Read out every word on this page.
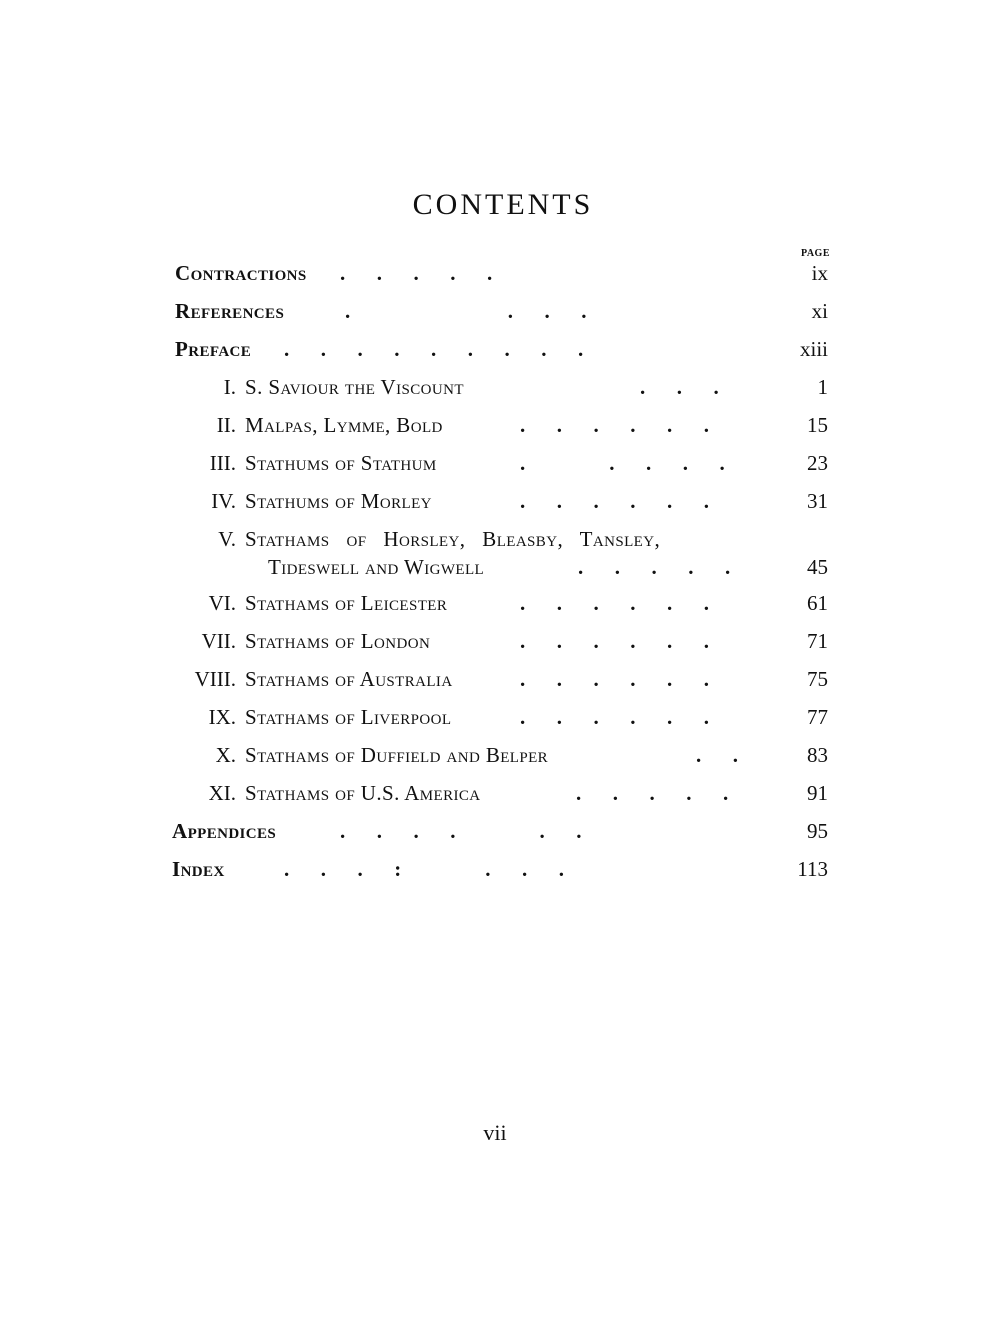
CONTENTS
PAGE
Contractions .      .      .      .      .	ix
References	.                              .      .      .	xi
Preface .      .      .      .      .      .      .      .      .	xiii
I. S. Saviour the Viscount	.      .      .	1
II. Malpas, Lymme, Bold	.      .      .      .      .      .	15
III. Stathums of Stathum	.                .      .      .      .	23
IV. Stathums of Morley	.      .      .      .      .      .	31
V. Stathams   of   Horsley,   Bleasby,   Tansley,
Tideswell and Wigwell	.      .      .      .      .	45
VI. Stathams of Leicester	.      .      .      .      .      .	61
VII. Stathams of London	.      .      .      .      .      .	71
VIII. Stathams of Australia	.      .      .      .      .      .	75
IX. Stathams of Liverpool	.      .      .      .      .      .	77
X. Stathams of Duffield and Belper	.      .	83
XI. Stathams of U.S. America	.      .      .      .      .	91
Appendices	.      .      .      .                .      .	95
Index	.      .      .      :                .      .      .	113
vii
